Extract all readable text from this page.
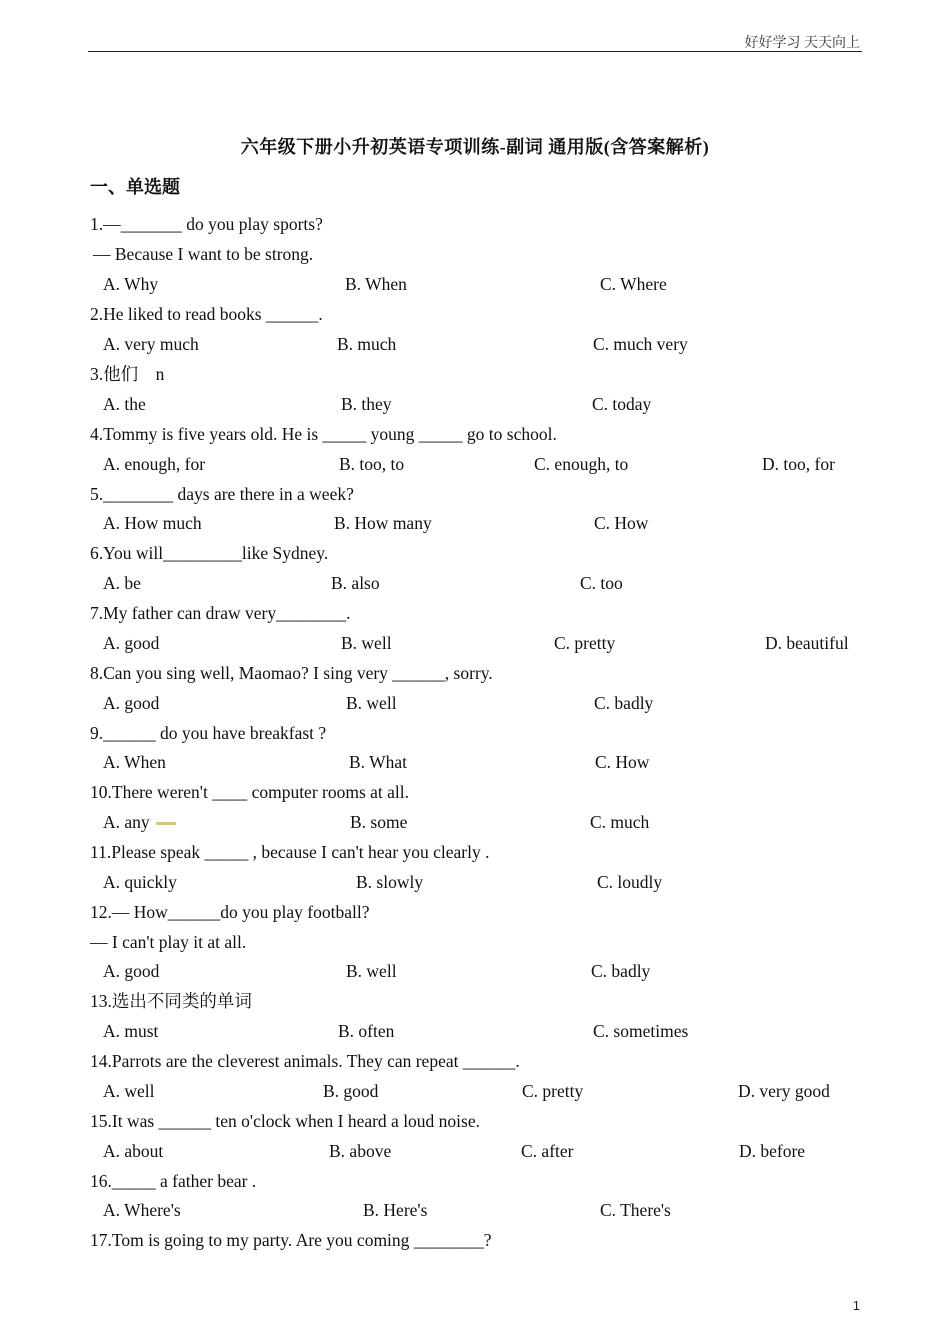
好好学习 天天向上
六年级下册小升初英语专项训练-副词 通用版(含答案解析)
一、单选题
1.—_______ do you play sports?
— Because I want to be strong.
A. Why	B. When	C. Where
2.He liked to read books ______.
A. very much	B. much	C. much very
3.他们　n
A. the	B. they	C. today
4.Tommy is five years old. He is _____ young _____ go to school.
A. enough, for	B. too, to	C. enough, to	D. too, for
5.________ days are there in a week?
A. How much	B. How many	C. How
6.You will_________like Sydney.
A. be	B. also	C. too
7.My father can draw very________.
A. good	B. well	C. pretty	D. beautiful
8.Can you sing well, Maomao? I sing very ______, sorry.
A. good	B. well	C. badly
9.______ do you have breakfast ?
A. When	B. What	C. How
10.There weren't ____ computer rooms at all.
A. any	B. some	C. much
11.Please speak _____ , because I can't hear you clearly .
A. quickly	B. slowly	C. loudly
12.— How______do you play football?
— I can't play it at all.
A. good	B. well	C. badly
13.选出不同类的单词
A. must	B. often	C. sometimes
14.Parrots are the cleverest animals. They can repeat ______.
A. well	B. good	C. pretty	D. very good
15.It was ______ ten o'clock when I heard a loud noise.
A. about	B. above	C. after	D. before
16._____ a father bear .
A. Where's	B. Here's	C. There's
17.Tom is going to my party. Are you coming ________?
1
